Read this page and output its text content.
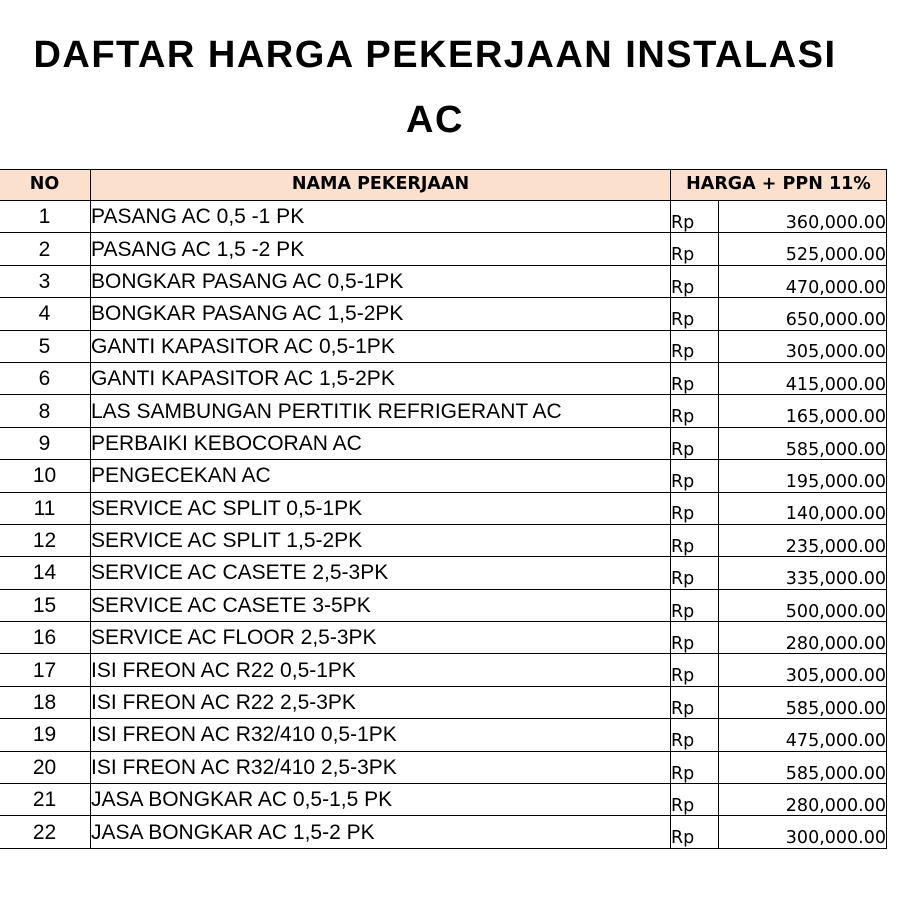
DAFTAR HARGA PEKERJAAN INSTALASI
AC
NO	NAMA PEKERJAAN	HARGA + PPN 11%	
1	PASANG AC 0,5 -1 PK	Rp	360,000.00
2	PASANG AC 1,5 -2 PK	Rp	525,000.00
3	BONGKAR PASANG AC 0,5-1PK	Rp	470,000.00
4	BONGKAR PASANG AC 1,5-2PK	Rp	650,000.00
5	GANTI KAPASITOR AC 0,5-1PK	Rp	305,000.00
6	GANTI KAPASITOR AC 1,5-2PK	Rp	415,000.00
8	LAS SAMBUNGAN PERTITIK REFRIGERANT AC	Rp	165,000.00
9	PERBAIKI KEBOCORAN AC	Rp	585,000.00
10	PENGECEKAN AC	Rp	195,000.00
11	SERVICE AC SPLIT 0,5-1PK	Rp	140,000.00
12	SERVICE AC SPLIT 1,5-2PK	Rp	235,000.00
14	SERVICE AC CASETE 2,5-3PK	Rp	335,000.00
15	SERVICE AC CASETE 3-5PK	Rp	500,000.00
16	SERVICE AC FLOOR 2,5-3PK	Rp	280,000.00
17	ISI FREON AC R22 0,5-1PK	Rp	305,000.00
18	ISI FREON AC R22 2,5-3PK	Rp	585,000.00
19	ISI FREON AC R32/410 0,5-1PK	Rp	475,000.00
20	ISI FREON AC R32/410 2,5-3PK	Rp	585,000.00
21	JASA BONGKAR AC 0,5-1,5 PK	Rp	280,000.00
22	JASA BONGKAR AC 1,5-2 PK	Rp	300,000.00
